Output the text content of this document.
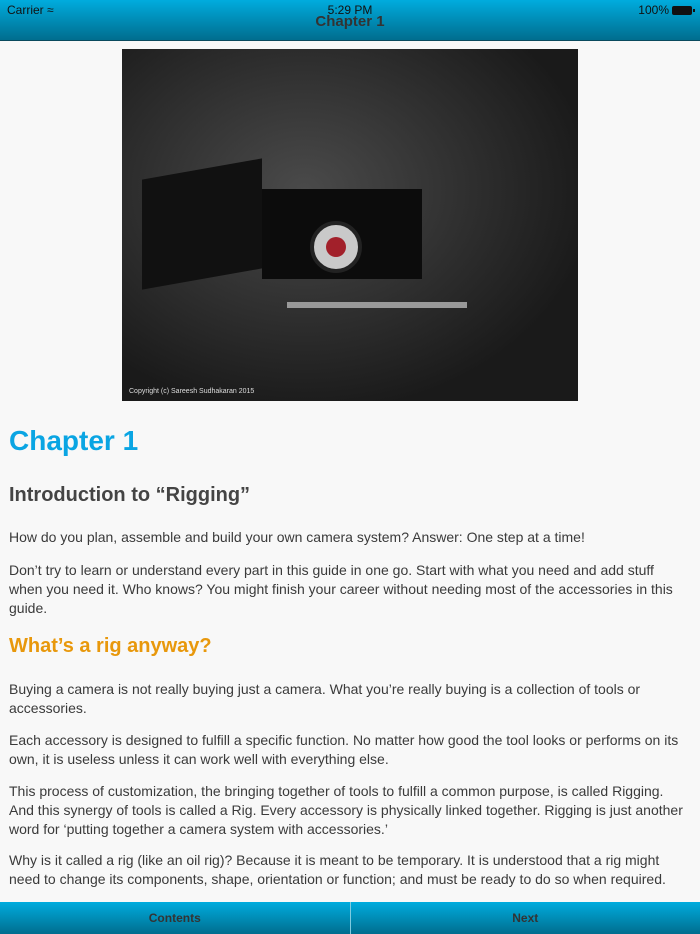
Carrier ≈	5:29 PM	100%
Chapter 1
Copyright (c) Sareesh Sudhakaran 2015
Chapter 1
Introduction to “Rigging”

How do you plan, assemble and build your own camera system? Answer: One step at a time!

Don’t try to learn or understand every part in this guide in one go. Start with what you need and add stuff when you need it. Who knows? You might finish your career without needing most of the accessories in this guide.

What’s a rig anyway?

Buying a camera is not really buying just a camera. What you’re really buying is a collection of tools or accessories.

Each accessory is designed to fulfill a specific function. No matter how good the tool looks or performs on its own, it is useless unless it can work well with everything else.

This process of customization, the bringing together of tools to fulfill a common purpose, is called Rigging. And this synergy of tools is called a Rig. Every accessory is physically linked together. Rigging is just another word for ‘putting together a camera system with accessories.’

Why is it called a rig (like an oil rig)? Because it is meant to be temporary. It is understood that a rig might need to change its components, shape, orientation or function; and must be ready to do so when required.

Contents	Next
